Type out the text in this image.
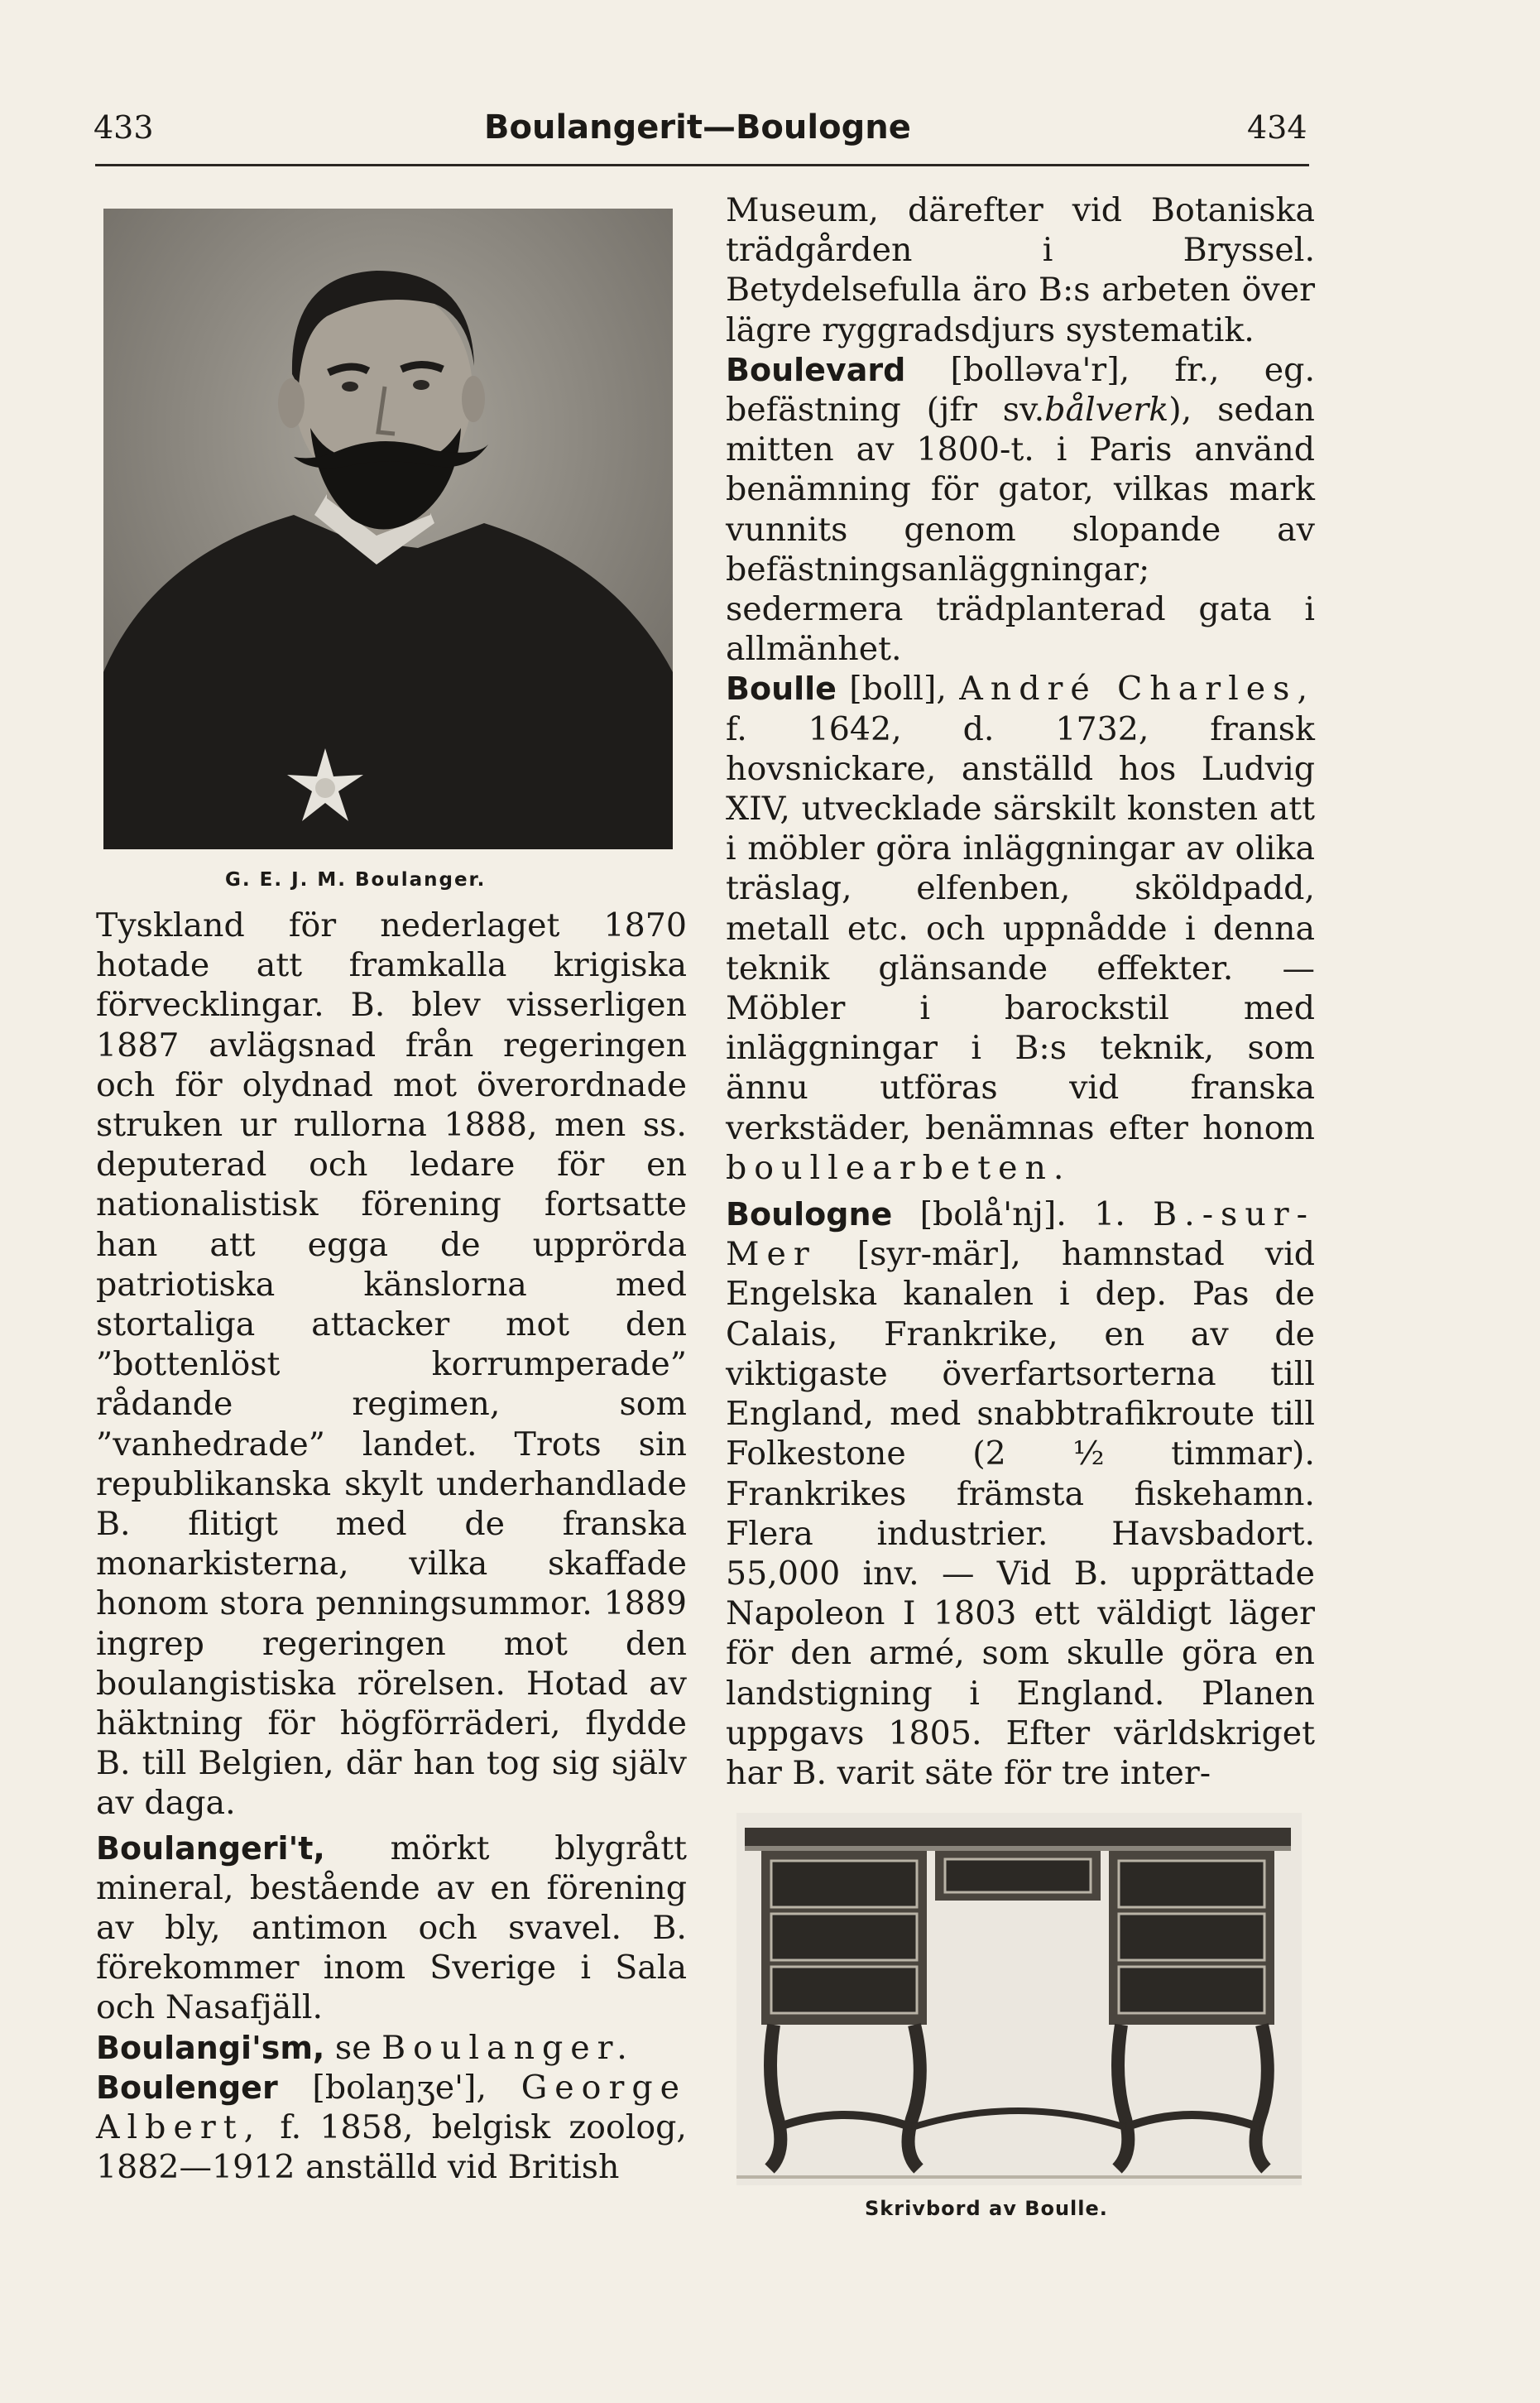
433	Boulangerit—Boulogne	434
G. E. J. M. Boulanger.

Tyskland för nederlaget 1870 hotade att framkalla krigiska förvecklingar. B. blev visserligen 1887 avlägsnad från regeringen och för olydnad mot överordnade struken ur rullorna 1888, men ss. deputerad och ledare för en nationalistisk förening fortsatte han att egga de upprörda patriotiska känslorna med stortaliga attacker mot den ”bottenlöst korrumperade” rådande regimen, som ”vanhedrade” landet. Trots sin republikanska skylt underhandlade B. flitigt med de franska monarkisterna, vilka skaffade honom stora penningsummor. 1889 ingrep regeringen mot den boulangistiska rörelsen. Hotad av häktning för högförräderi, flydde B. till Belgien, där han tog sig själv av daga.

Boulangeri't, mörkt blygrått mineral, bestående av en förening av bly, antimon och svavel. B. förekommer inom Sverige i Sala och Nasafjäll.

Boulangi'sm, se Boulanger.

Boulenger [bolaŋʒe'], George Albert, f. 1858, belgisk zoolog, 1882—1912 anställd vid British

Museum, därefter vid Botaniska trädgården i Bryssel. Betydelsefulla äro B:s arbeten över lägre ryggradsdjurs systematik.

Boulevard [bolləva'r], fr., eg. befästning (jfr sv.bålverk), sedan mitten av 1800-t. i Paris använd benämning för gator, vilkas mark vunnits genom slopande av befästningsanläggningar; sedermera trädplanterad gata i allmänhet.

Boulle [boll], André Charles, f. 1642, d. 1732, fransk hovsnickare, anställd hos Ludvig XIV, utvecklade särskilt konsten att i möbler göra inläggningar av olika träslag, elfenben, sköldpadd, metall etc. och uppnådde i denna teknik glänsande effekter. — Möbler i barockstil med inläggningar i B:s teknik, som ännu utföras vid franska verkstäder, benämnas efter honom boullearbeten.

Boulogne [bolå'nj]. 1. B.-sur-Mer [syr-mär], hamnstad vid Engelska kanalen i dep. Pas de Calais, Frankrike, en av de viktigaste överfartsorterna till England, med snabbtrafikroute till Folkestone (2 ½ timmar). Frankrikes främsta fiskehamn. Flera industrier. Havsbadort. 55,000 inv. — Vid B. upprättade Napoleon I 1803 ett väldigt läger för den armé, som skulle göra en landstigning i England. Planen uppgavs 1805. Efter världskriget har B. varit säte för tre inter-

Skrivbord av Boulle.
